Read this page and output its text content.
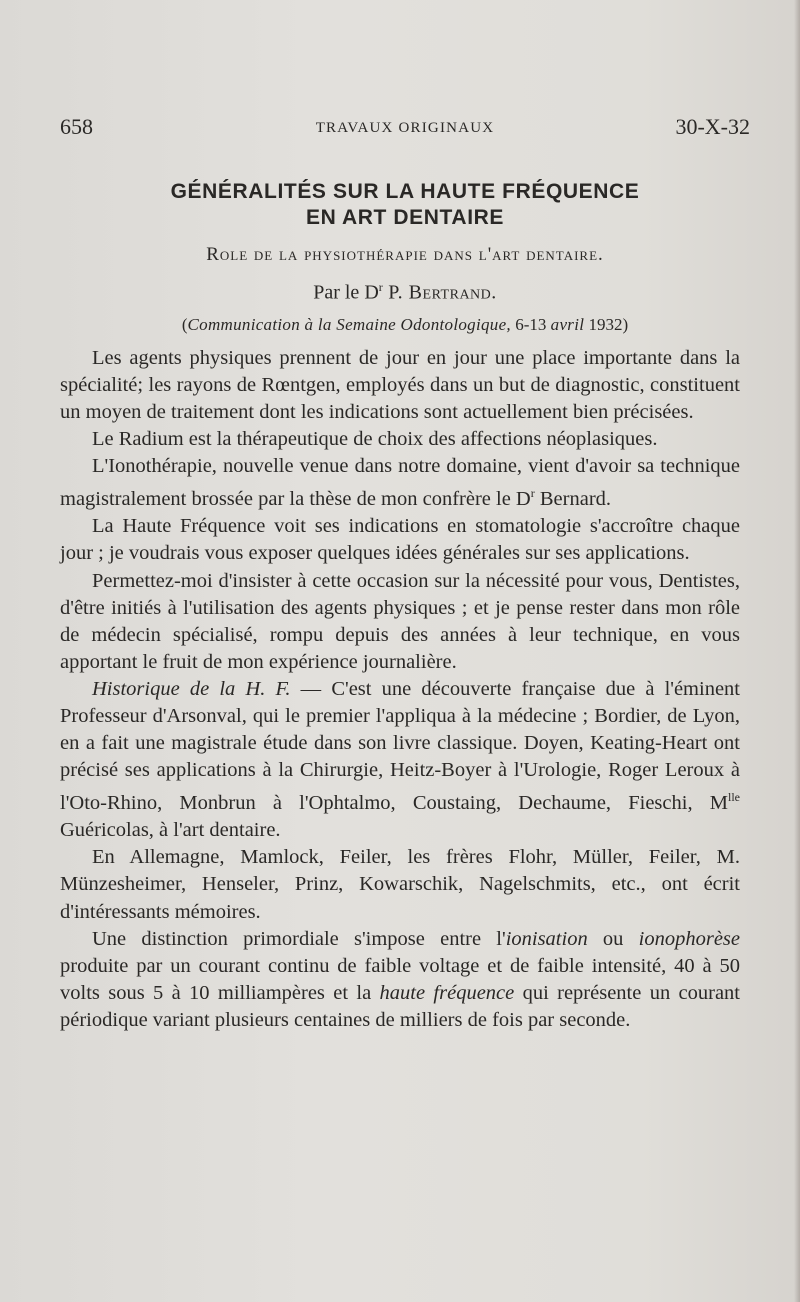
658	TRAVAUX ORIGINAUX	30-X-32
GÉNÉRALITÉS SUR LA HAUTE FRÉQUENCE
EN ART DENTAIRE
Role de la physiothérapie dans l'art dentaire.
Par le $D^r$ P. Bertrand.
(Communication à la Semaine Odontologique, 6-13 avril 1932)

Les agents physiques prennent de jour en jour une place importante dans la spécialité; les rayons de Rœntgen, employés dans un but de diagnostic, constituent un moyen de traitement dont les indications sont actuellement bien précisées.

Le Radium est la thérapeutique de choix des affections néoplasiques.

L'Ionothérapie, nouvelle venue dans notre domaine, vient d'avoir sa technique magistralement brossée par la thèse de mon confrère le $D^r$ Bernard.

La Haute Fréquence voit ses indications en stomatologie s'accroître chaque jour ; je voudrais vous exposer quelques idées générales sur ses applications.

Permettez-moi d'insister à cette occasion sur la nécessité pour vous, Dentistes, d'être initiés à l'utilisation des agents physiques ; et je pense rester dans mon rôle de médecin spécialisé, rompu depuis des années à leur technique, en vous apportant le fruit de mon expérience journalière.

Historique de la H. F. — C'est une découverte française due à l'éminent Professeur d'Arsonval, qui le premier l'appliqua à la médecine ; Bordier, de Lyon, en a fait une magistrale étude dans son livre classique. Doyen, Keating-Heart ont précisé ses applications à la Chirurgie, Heitz-Boyer à l'Urologie, Roger Leroux à l'Oto-Rhino, Monbrun à l'Ophtalmo, Coustaing, Dechaume, Fieschi, $M^{lle}$ Guéricolas, à l'art dentaire.

En Allemagne, Mamlock, Feiler, les frères Flohr, Müller, Feiler, M. Münzesheimer, Henseler, Prinz, Kowarschik, Nagelschmits, etc., ont écrit d'intéressants mémoires.

Une distinction primordiale s'impose entre l'ionisation ou ionophorèse produite par un courant continu de faible voltage et de faible intensité, 40 à 50 volts sous 5 à 10 milliampères et la haute fréquence qui représente un courant périodique variant plusieurs centaines de milliers de fois par seconde.
